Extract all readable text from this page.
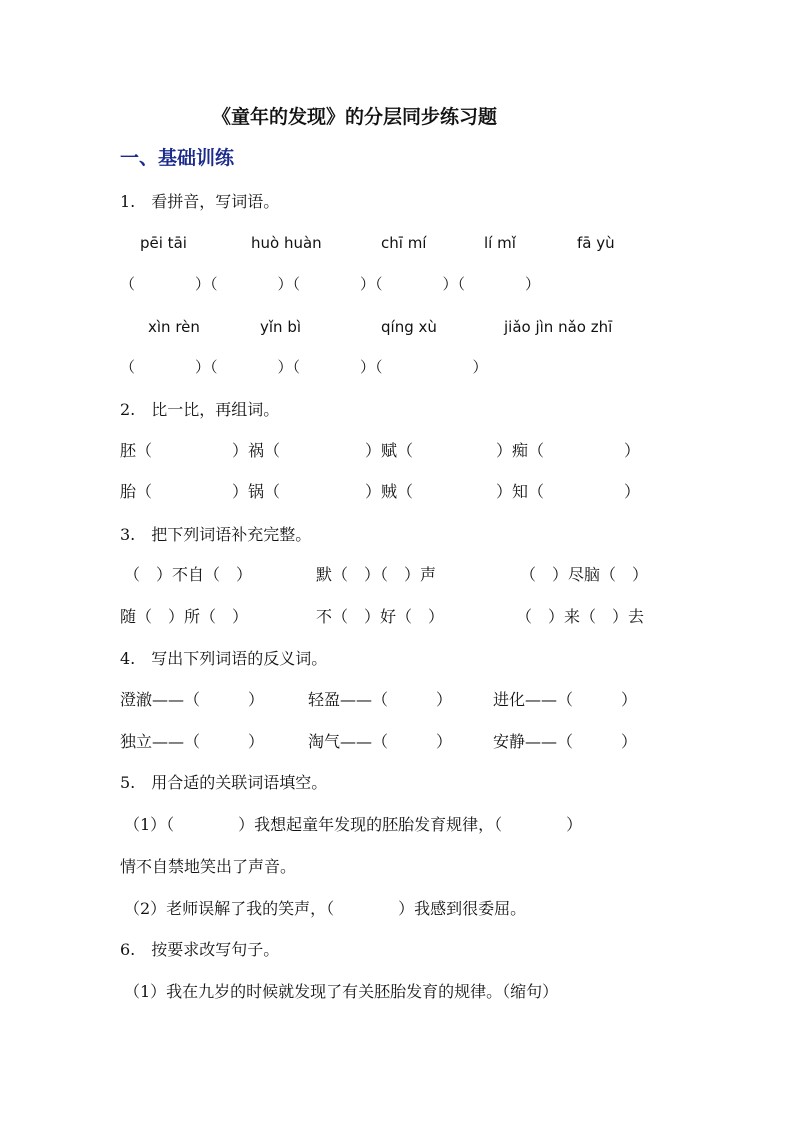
《童年的发现》的分层同步练习题
一、基础训练
1.　看拼音，写词语。
pēi tāi	huò huàn	chī mí	lí mǐ	fā yù
（　　　　）（　　　　）（　　　　）（　　　　）（　　　　）
xìn rèn	yǐn bì	qíng xù	jiǎo jìn nǎo zhī
（　　　　）（　　　　）（　　　　）（　　　　　　）
2.　比一比，再组词。
胚（	）祸（	）赋（	）痴（	）
胎（	）锅（	）贼（	）知（	）
3.　把下列词语补充完整。
（　）不自（　）	默（　）（　）声	（　）尽脑（　）
随（　）所（　）	不（　）好（　）	（　）来（　）去
4.　写出下列词语的反义词。
澄澈——（　　　）	轻盈——（　　　）	进化——（　　　）
独立——（　　　）	淘气——（　　　）	安静——（　　　）
5.　用合适的关联词语填空。
（1）（　　　　）我想起童年发现的胚胎发育规律，（　　　　）
情不自禁地笑出了声音。
（2）老师误解了我的笑声，（　　　　）我感到很委屈。
6.　按要求改写句子。
（1）我在九岁的时候就发现了有关胚胎发育的规律。（缩句）
